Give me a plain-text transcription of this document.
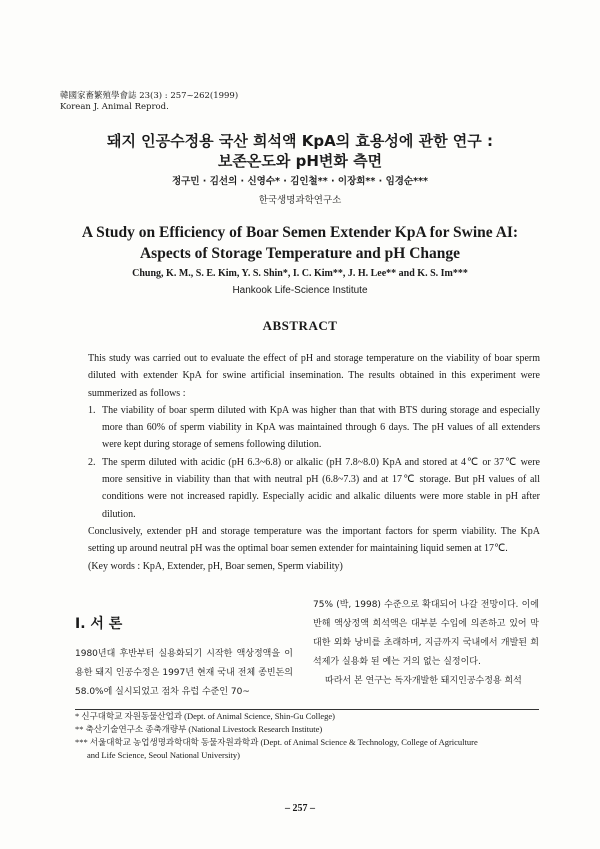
韓國家畜繁殖學會誌 23(3) : 257~262(1999)
Korean J. Animal Reprod.
돼지 인공수정용 국산 희석액 KpA의 효용성에 관한 연구 :
보존온도와 pH변화 측면
정구민 · 김선의 · 신영수* · 김인철** · 이장희** · 임경순***
한국생명과학연구소
A Study on Efficiency of Boar Semen Extender KpA for Swine AI:
Aspects of Storage Temperature and pH Change
Chung, K. M., S. E. Kim, Y. S. Shin*, I. C. Kim**, J. H. Lee** and K. S. Im***
Hankook Life-Science Institute
ABSTRACT

This study was carried out to evaluate the effect of pH and storage temperature on the viability of boar sperm diluted with extender KpA for swine artificial insemination. The results obtained in this experiment were summerized as follows :

1. The viability of boar sperm diluted with KpA was higher than that with BTS during storage and especially more than 60% of sperm viability in KpA was maintained through 6 days. The pH values of all extenders were kept during storage of semens following dilution.
2. The sperm diluted with acidic (pH 6.3~6.8) or alkalic (pH 7.8~8.0) KpA and stored at 4℃ or 37℃ were more sensitive in viability than that with neutral pH (6.8~7.3) and at 17℃ storage. But pH values of all conditions were not increased rapidly. Especially acidic and alkalic diluents were more stable in pH after dilution.

Conclusively, extender pH and storage temperature was the important factors for sperm viability. The KpA setting up around neutral pH was the optimal boar semen extender for maintaining liquid semen at 17℃.

(Key words : KpA, Extender, pH, Boar semen, Sperm viability)

Ⅰ. 서 론

1980년대 후반부터 실용화되기 시작한 액상정액을 이용한 돼지 인공수정은 1997년 현재 국내 전체 종빈돈의 58.0%에 실시되었고 점차 유럽 수준인 70~

75% (박, 1998) 수준으로 확대되어 나갈 전망이다. 이에 반해 액상정액 희석액은 대부분 수입에 의존하고 있어 막대한 외화 낭비를 초래하며, 지금까지 국내에서 개발된 희석제가 실용화 된 예는 거의 없는 실정이다.

따라서 본 연구는 독자개발한 돼지인공수정용 희석

* 신구대학교 자원동물산업과 (Dept. of Animal Science, Shin-Gu College)
** 축산기술연구소 종축개량부 (National Livestock Research Institute)
*** 서울대학교 농업생명과학대학 동물자원과학과 (Dept. of Animal Science & Technology, College of Agriculture
and Life Science, Seoul National University)
– 257 –
